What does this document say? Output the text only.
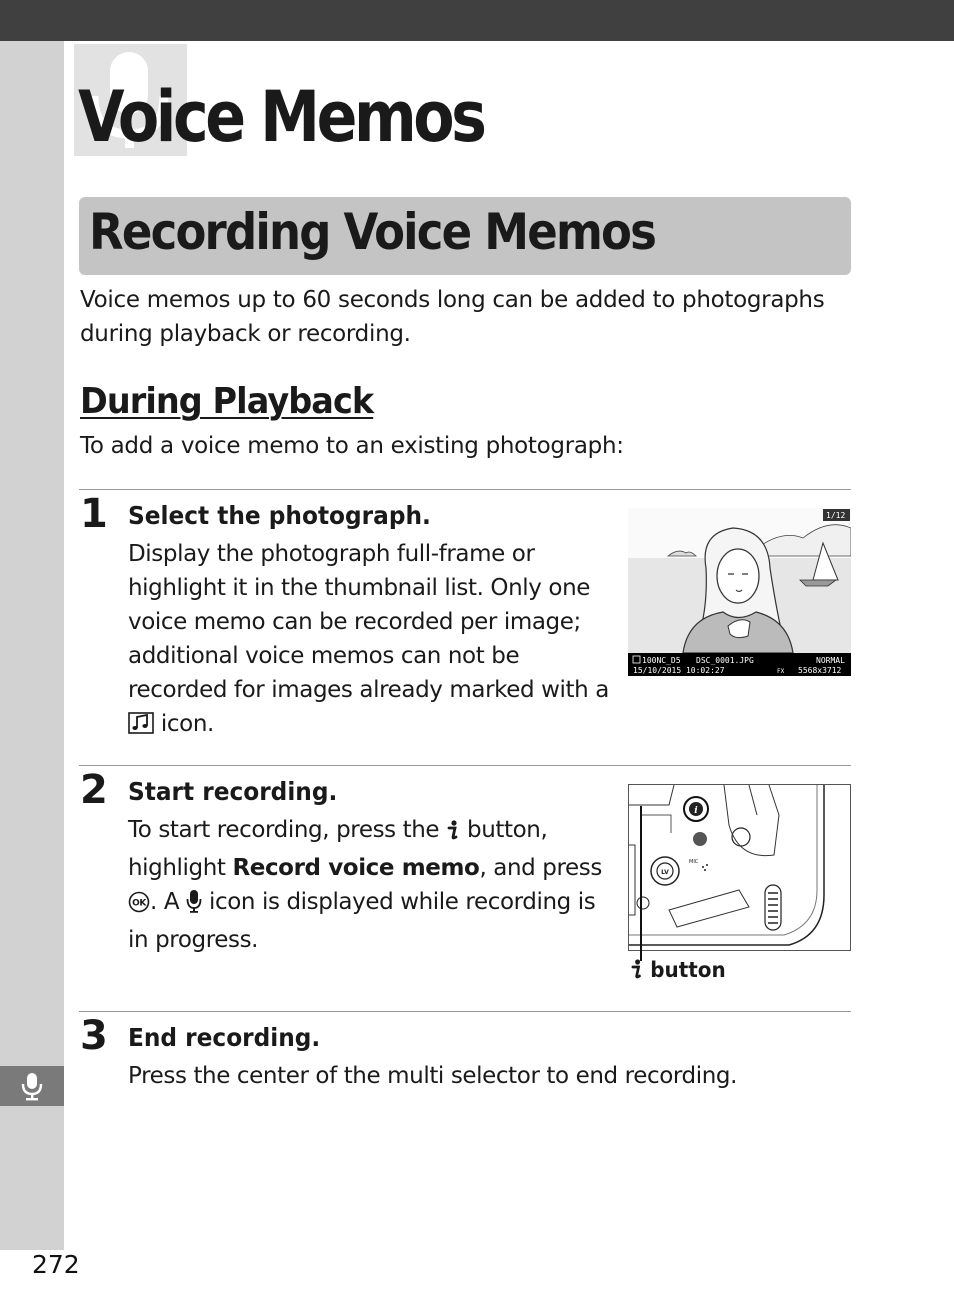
Voice Memos
Recording Voice Memos

Voice memos up to 60 seconds long can be added to photographs during playback or recording.

During Playback

To add a voice memo to an existing photograph:

1 Select the photograph.

Display the photograph full-frame or highlight it in the thumbnail list. Only one voice memo can be recorded per image; additional voice memos can not be recorded for images already marked with a  icon.

1/12
100NC_D5 DSC_0001.JPG	NORMAL
15/10/2015 10:02:27	FX 5568x3712
2 Start recording.

To start recording, press the  button, highlight Record voice memo, and press
OK . A  icon is displayed while recording is in progress.

i
LV
MIC
button
3 End recording.

Press the center of the multi selector to end recording.

272
